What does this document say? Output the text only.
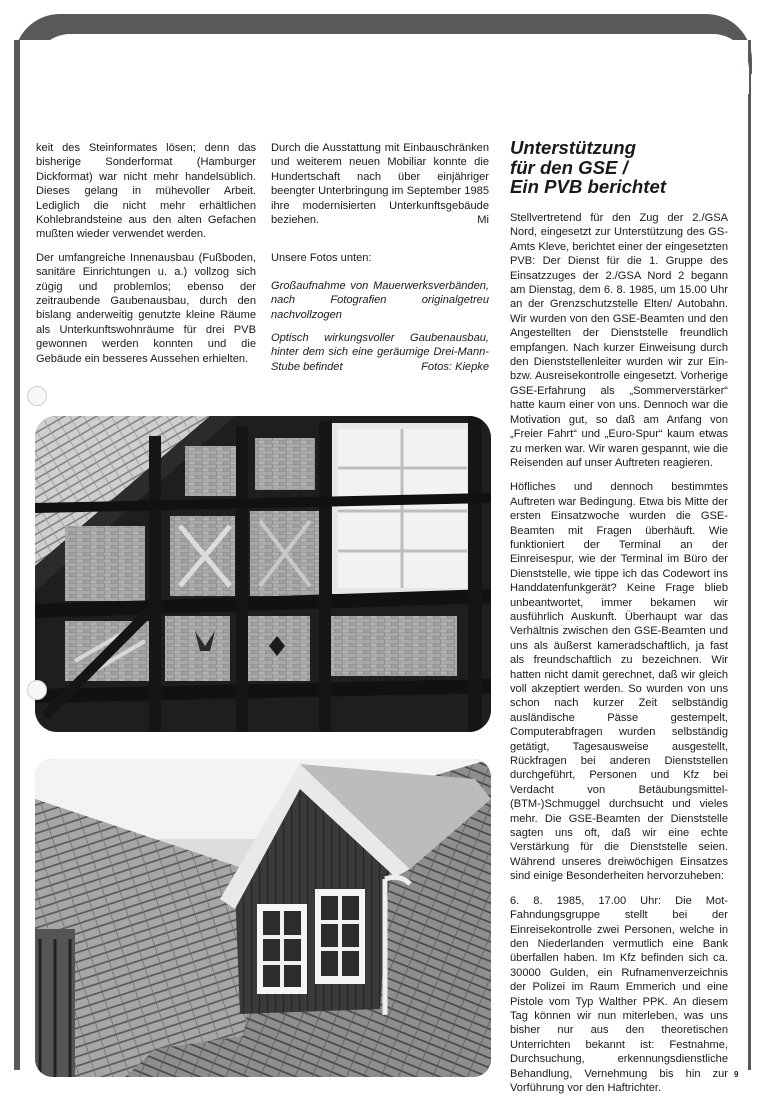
keit des Steinformates lösen; denn das bisherige Sonderformat (Hamburger Dickformat) war nicht mehr handelsüblich. Dieses gelang in mühevoller Arbeit. Lediglich die nicht mehr erhältlichen Kohlebrandsteine aus den alten Gefachen mußten wieder verwendet werden.

Der umfangreiche Innenausbau (Fußboden, sanitäre Einrichtungen u. a.) vollzog sich zügig und problemlos; ebenso der zeitraubende Gaubenausbau, durch den bislang anderweitig genutzte kleine Räume als Unterkunftswohnräume für drei PVB gewonnen werden konnten und die Gebäude ein besseres Aussehen erhielten.

Durch die Ausstattung mit Einbauschränken und weiterem neuen Mobiliar konnte die Hundertschaft nach über einjähriger beengter Unterbringung im September 1985 ihre modernisierten Unterkunftsgebäude beziehen.	Mi

Unsere Fotos unten:

Großaufnahme von Mauerwerksverbänden, nach Fotografien originalgetreu nachvollzogen

Optisch wirkungsvoller Gaubenausbau, hinter dem sich eine geräumige Drei-Mann-Stube befindet	Fotos: Kiepke

Unterstützung
für den GSE /
Ein PVB berichtet

Stellvertretend für den Zug der 2./GSA Nord, eingesetzt zur Unterstützung des GS-Amts Kleve, berichtet einer der eingesetzten PVB: Der Dienst für die 1. Gruppe des Einsatzzuges der 2./GSA Nord 2 begann am Dienstag, dem 6. 8. 1985, um 15.00 Uhr an der Grenzschutzstelle Elten/ Autobahn. Wir wurden von den GSE-Beamten und den Angestellten der Dienststelle freundlich empfangen. Nach kurzer Einweisung durch den Dienststellenleiter wurden wir zur Ein- bzw. Ausreisekontrolle eingesetzt. Vorherige GSE-Erfahrung als „Sommerverstärker“ hatte kaum einer von uns. Dennoch war die Motivation gut, so daß am Anfang von „Freier Fahrt“ und „Euro-Spur“ kaum etwas zu merken war. Wir waren gespannt, wie die Reisenden auf unser Auftreten reagieren.

Höfliches und dennoch bestimmtes Auftreten war Bedingung. Etwa bis Mitte der ersten Einsatzwoche wurden die GSE-Beamten mit Fragen überhäuft. Wie funktioniert der Terminal an der Einreisespur, wie der Terminal im Büro der Dienststelle, wie tippe ich das Codewort ins Handdatenfunkgerät? Keine Frage blieb unbeantwortet, immer bekamen wir ausführlich Auskunft. Überhaupt war das Verhältnis zwischen den GSE-Beamten und uns als äußerst kameradschaftlich, ja fast als freundschaftlich zu bezeichnen. Wir hatten nicht damit gerechnet, daß wir gleich voll akzeptiert werden. So wurden von uns schon nach kurzer Zeit selbständig ausländische Pässe gestempelt, Computerabfragen wurden selbständig getätigt, Tagesausweise ausgestellt, Rückfragen bei anderen Dienststellen durchgeführt, Personen und Kfz bei Verdacht von Betäubungsmittel-(BTM-)Schmuggel durchsucht und vieles mehr. Die GSE-Beamten der Dienststelle sagten uns oft, daß wir eine echte Verstärkung für die Dienststelle seien. Während unseres dreiwöchigen Einsatzes sind einige Besonderheiten hervorzuheben:

6. 8. 1985, 17.00 Uhr: Die Mot-Fahndungsgruppe stellt bei der Einreisekontrolle zwei Personen, welche in den Niederlanden vermutlich eine Bank überfallen haben. Im Kfz befinden sich ca. 30000 Gulden, ein Rufnamenverzeichnis der Polizei im Raum Emmerich und eine Pistole vom Typ Walther PPK. An diesem Tag können wir nun miterleben, was uns bisher nur aus den theoretischen Unterrichten bekannt ist: Festnahme, Durchsuchung, erkennungsdienstliche Behandlung, Vernehmung bis hin zur Vorführung vor den Haftrichter.

9
